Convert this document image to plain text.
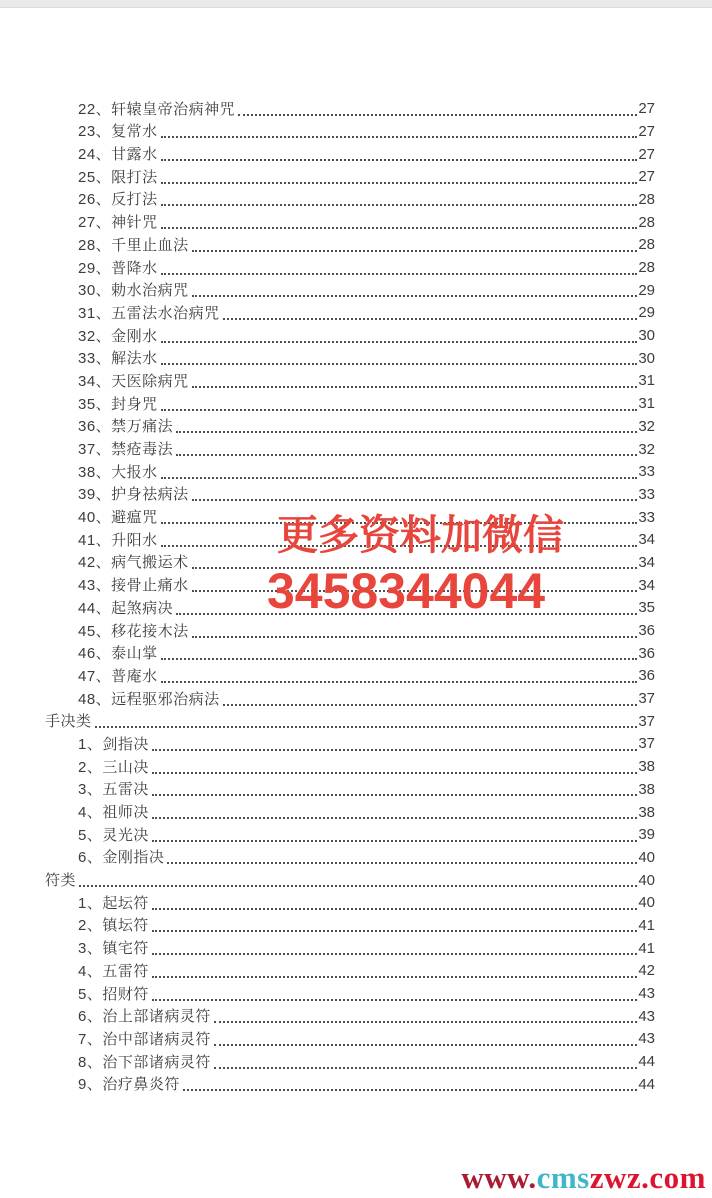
22、轩辕皇帝治病神咒	27
23、复常水	27
24、甘露水	27
25、限打法	27
26、反打法	28
27、神针咒	28
28、千里止血法	28
29、普降水	28
30、勅水治病咒	29
31、五雷法水治病咒	29
32、金刚水	30
33、解法水	30
34、天医除病咒	31
35、封身咒	31
36、禁万痛法	32
37、禁疮毒法	32
38、大报水	33
39、护身祛病法	33
40、避瘟咒	33
41、升阳水	34
42、病气搬运术	34
43、接骨止痛水	34
44、起煞病决	35
45、移花接木法	36
46、泰山掌	36
47、普庵水	36
48、远程驱邪治病法	37
手决类	37
1、剑指决	37
2、三山决	38
3、五雷决	38
4、祖师决	38
5、灵光决	39
6、金刚指决	40
符类	40
1、起坛符	40
2、镇坛符	41
3、镇宅符	41
4、五雷符	42
5、招财符	43
6、治上部诸病灵符	43
7、治中部诸病灵符	43
8、治下部诸病灵符	44
9、治疗鼻炎符	44
更多资料加微信
3458344044
www.cmszwz.com
